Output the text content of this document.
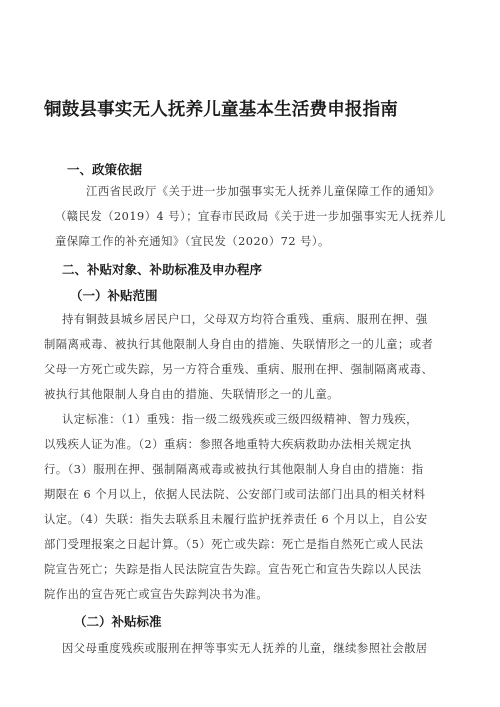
铜鼓县事实无人抚养儿童基本生活费申报指南
一、政策依据
江西省民政厅《关于进一步加强事实无人抚养儿童保障工作的通知》
（赣民发（2019）4 号）；宜春市民政局《关于进一步加强事实无人抚养儿
童保障工作的补充通知》（宜民发（2020）72 号）。
二、补贴对象、补助标准及申办程序
（一）补贴范围
持有铜鼓县城乡居民户口，父母双方均符合重残、重病、服刑在押、强
制隔离戒毒、被执行其他限制人身自由的措施、失联情形之一的儿童；或者
父母一方死亡或失踪，另一方符合重残、重病、服刑在押、强制隔离戒毒、
被执行其他限制人身自由的措施、失联情形之一的儿童。
认定标准：（1）重残：指一级二级残疾或三级四级精神、智力残疾，
以残疾人证为准。（2）重病：参照各地重特大疾病救助办法相关规定执
行。（3）服刑在押、强制隔离戒毒或被执行其他限制人身自由的措施：指
期限在 6 个月以上，依据人民法院、公安部门或司法部门出具的相关材料
认定。（4）失联：指失去联系且未履行监护抚养责任 6 个月以上，自公安
部门受理报案之日起计算。（5）死亡或失踪：死亡是指自然死亡或人民法
院宣告死亡；失踪是指人民法院宣告失踪。宣告死亡和宣告失踪以人民法
院作出的宣告死亡或宣告失踪判决书为准。
（二）补贴标准
因父母重度残疾或服刑在押等事实无人抚养的儿童，继续参照社会散居
